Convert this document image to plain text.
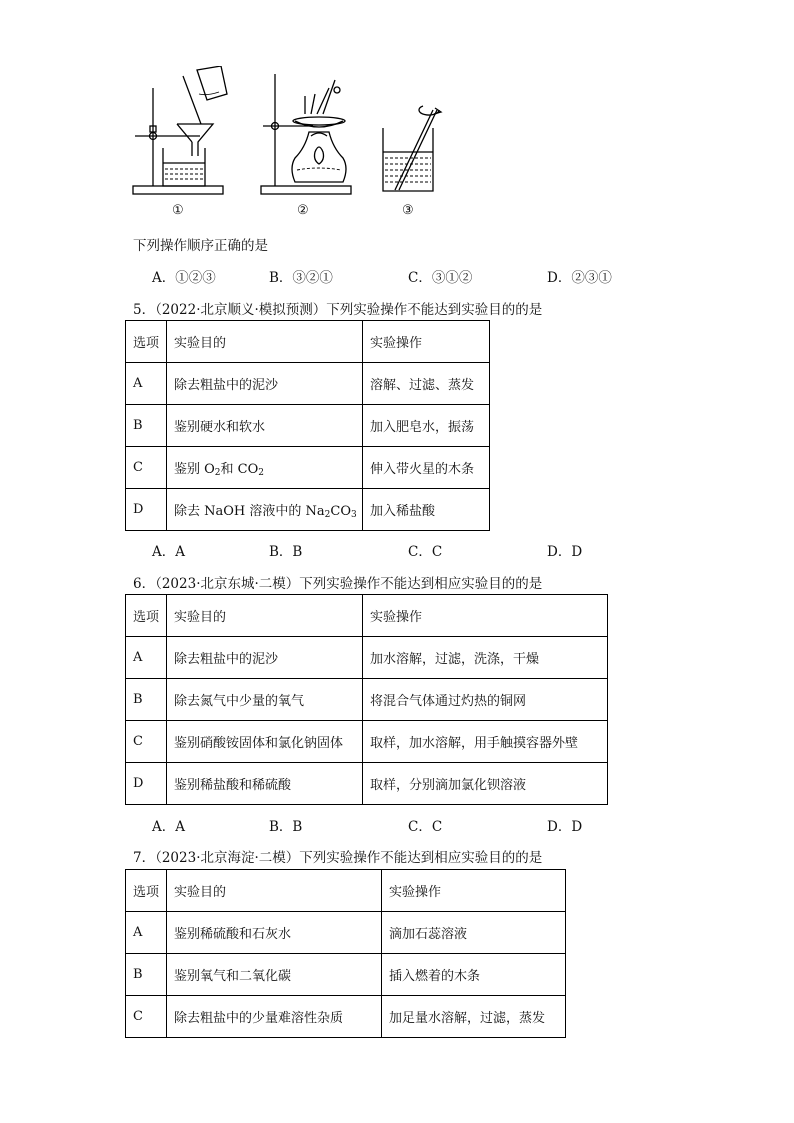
①	②	③
下列操作顺序正确的是
A．①②③	B．③②①	C．③①②	D．②③①
5．（2022·北京顺义·模拟预测）下列实验操作不能达到实验目的的是
选项	实验目的	实验操作
A	除去粗盐中的泥沙	溶解、过滤、蒸发
B	鉴别硬水和软水	加入肥皂水，振荡
C	鉴别 $O_2$和 $CO_2$	伸入带火星的木条
D	除去 NaOH 溶液中的 $Na_2CO_3$	加入稀盐酸
A．A	B．B	C．C	D．D
6．（2023·北京东城·二模）下列实验操作不能达到相应实验目的的是
选项	实验目的	实验操作
A	除去粗盐中的泥沙	加水溶解，过滤，洗涤，干燥
B	除去氮气中少量的氧气	将混合气体通过灼热的铜网
C	鉴别硝酸铵固体和氯化钠固体	取样，加水溶解，用手触摸容器外壁
D	鉴别稀盐酸和稀硫酸	取样，分别滴加氯化钡溶液
A．A	B．B	C．C	D．D
7．（2023·北京海淀·二模）下列实验操作不能达到相应实验目的的是
选项	实验目的	实验操作
A	鉴别稀硫酸和石灰水	滴加石蕊溶液
B	鉴别氧气和二氧化碳	插入燃着的木条
C	除去粗盐中的少量难溶性杂质	加足量水溶解，过滤，蒸发
